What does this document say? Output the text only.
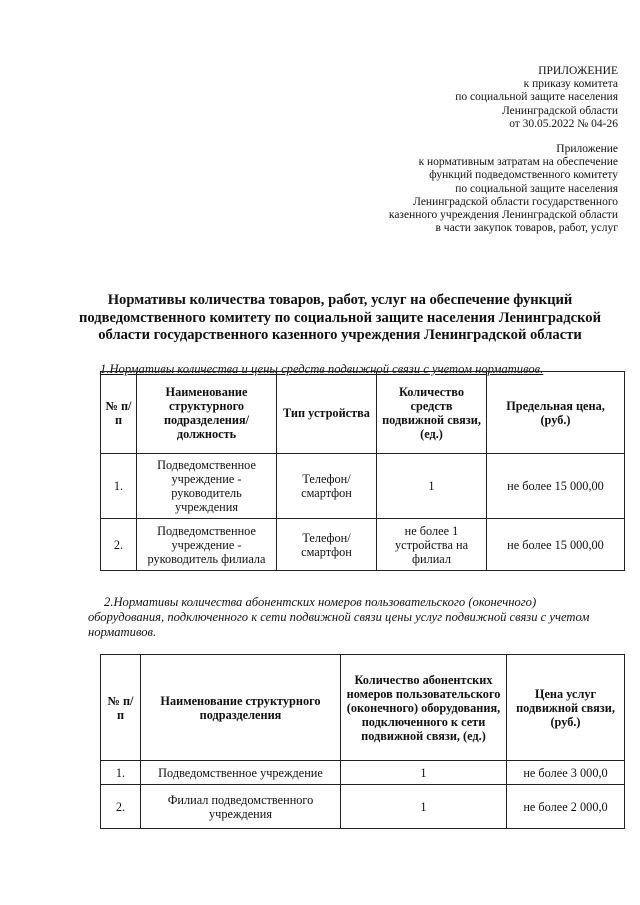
ПРИЛОЖЕНИЕ
к приказу комитета
по социальной защите населения
Ленинградской области
от 30.05.2022 № 04-26
Приложение
к нормативным затратам на обеспечение
функций подведомственного комитету
по социальной защите населения
Ленинградской области государственного
казенного учреждения Ленинградской области
в части закупок товаров, работ, услуг
Нормативы количества товаров, работ, услуг на обеспечение функций
подведомственного комитету по социальной защите населения Ленинградской
области государственного казенного учреждения Ленинградской области
1.Нормативы количества и цены средств подвижной связи с учетом нормативов.
№ п/п	Наименование структурного подразделения/должность	Тип устройства	Количество средств подвижной связи, (ед.)	Предельная цена, (руб.)
1.	Подведомственное учреждение - руководитель учреждения	Телефон/ смартфон	1	не более 15 000,00
2.	Подведомственное учреждение - руководитель филиала	Телефон/ смартфон	не более 1 устройства на филиал	не более 15 000,00
2.Нормативы количества абонентских номеров пользовательского (оконечного) оборудования, подключенного к сети подвижной связи цены услуг подвижной связи с учетом нормативов.
№ п/п	Наименование структурного подразделения	Количество абонентских номеров пользовательского (оконечного) оборудования, подключенного к сети подвижной связи, (ед.)	Цена услуг подвижной связи, (руб.)
1.	Подведомственное учреждение	1	не более 3 000,0
2.	Филиал подведомственного учреждения	1	не более 2 000,0
